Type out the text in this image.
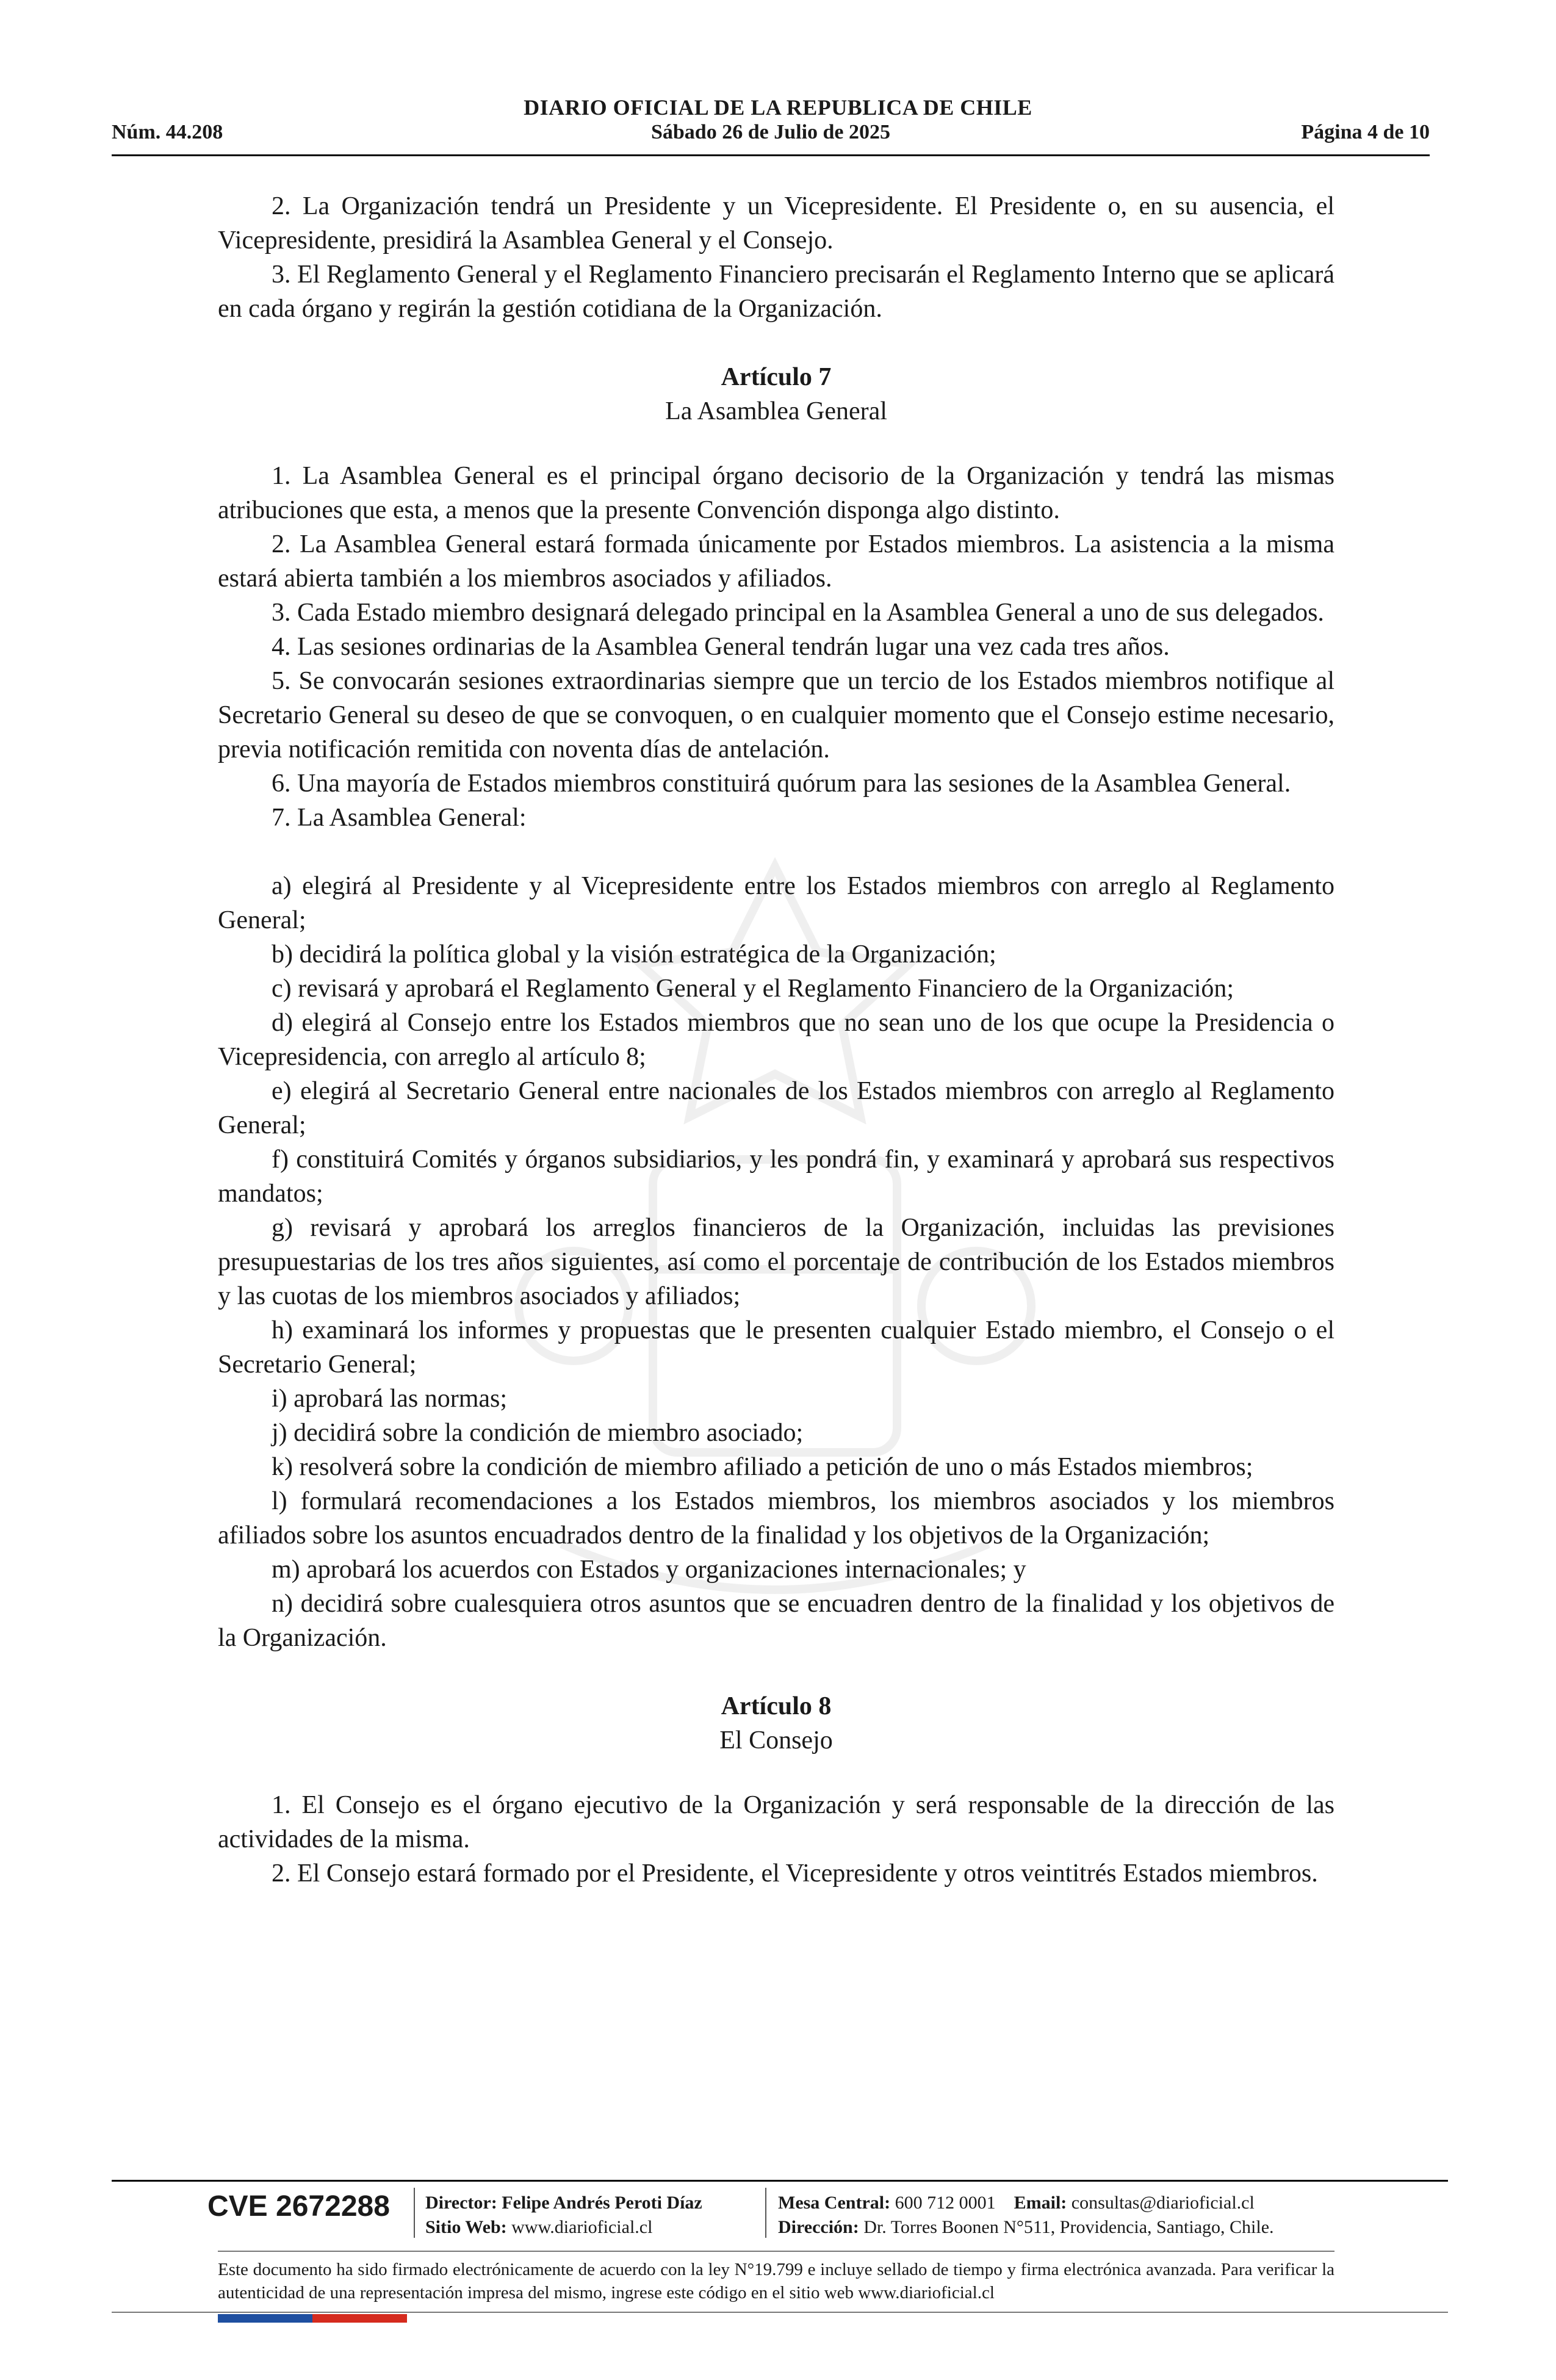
DIARIO OFICIAL DE LA REPUBLICA DE CHILE
Núm. 44.208	Sábado 26 de Julio de 2025	Página 4 de 10

2. La Organización tendrá un Presidente y un Vicepresidente. El Presidente o, en su ausencia, el Vicepresidente, presidirá la Asamblea General y el Consejo.

3. El Reglamento General y el Reglamento Financiero precisarán el Reglamento Interno que se aplicará en cada órgano y regirán la gestión cotidiana de la Organización.

Artículo 7
La Asamblea General

1. La Asamblea General es el principal órgano decisorio de la Organización y tendrá las mismas atribuciones que esta, a menos que la presente Convención disponga algo distinto.

2. La Asamblea General estará formada únicamente por Estados miembros. La asistencia a la misma estará abierta también a los miembros asociados y afiliados.

3. Cada Estado miembro designará delegado principal en la Asamblea General a uno de sus delegados.

4. Las sesiones ordinarias de la Asamblea General tendrán lugar una vez cada tres años.

5. Se convocarán sesiones extraordinarias siempre que un tercio de los Estados miembros notifique al Secretario General su deseo de que se convoquen, o en cualquier momento que el Consejo estime necesario, previa notificación remitida con noventa días de antelación.

6. Una mayoría de Estados miembros constituirá quórum para las sesiones de la Asamblea General.

7. La Asamblea General:

a) elegirá al Presidente y al Vicepresidente entre los Estados miembros con arreglo al Reglamento General;

b) decidirá la política global y la visión estratégica de la Organización;

c) revisará y aprobará el Reglamento General y el Reglamento Financiero de la Organización;

d) elegirá al Consejo entre los Estados miembros que no sean uno de los que ocupe la Presidencia o Vicepresidencia, con arreglo al artículo 8;

e) elegirá al Secretario General entre nacionales de los Estados miembros con arreglo al Reglamento General;

f) constituirá Comités y órganos subsidiarios, y les pondrá fin, y examinará y aprobará sus respectivos mandatos;

g) revisará y aprobará los arreglos financieros de la Organización, incluidas las previsiones presupuestarias de los tres años siguientes, así como el porcentaje de contribución de los Estados miembros y las cuotas de los miembros asociados y afiliados;

h) examinará los informes y propuestas que le presenten cualquier Estado miembro, el Consejo o el Secretario General;

i) aprobará las normas;

j) decidirá sobre la condición de miembro asociado;

k) resolverá sobre la condición de miembro afiliado a petición de uno o más Estados miembros;

l) formulará recomendaciones a los Estados miembros, los miembros asociados y los miembros afiliados sobre los asuntos encuadrados dentro de la finalidad y los objetivos de la Organización;

m) aprobará los acuerdos con Estados y organizaciones internacionales; y

n) decidirá sobre cualesquiera otros asuntos que se encuadren dentro de la finalidad y los objetivos de la Organización.

Artículo 8
El Consejo

1. El Consejo es el órgano ejecutivo de la Organización y será responsable de la dirección de las actividades de la misma.

2. El Consejo estará formado por el Presidente, el Vicepresidente y otros veintitrés Estados miembros.

CVE 2672288 Director: Felipe Andrés Peroti Díaz
Sitio Web: www.diarioficial.cl
Mesa Central: 600 712 0001 Email: consultas@diarioficial.cl
Dirección: Dr. Torres Boonen N°511, Providencia, Santiago, Chile.
Este documento ha sido firmado electrónicamente de acuerdo con la ley N°19.799 e incluye sellado de tiempo y firma electrónica avanzada. Para verificar la autenticidad de una representación impresa del mismo, ingrese este código en el sitio web www.diarioficial.cl
